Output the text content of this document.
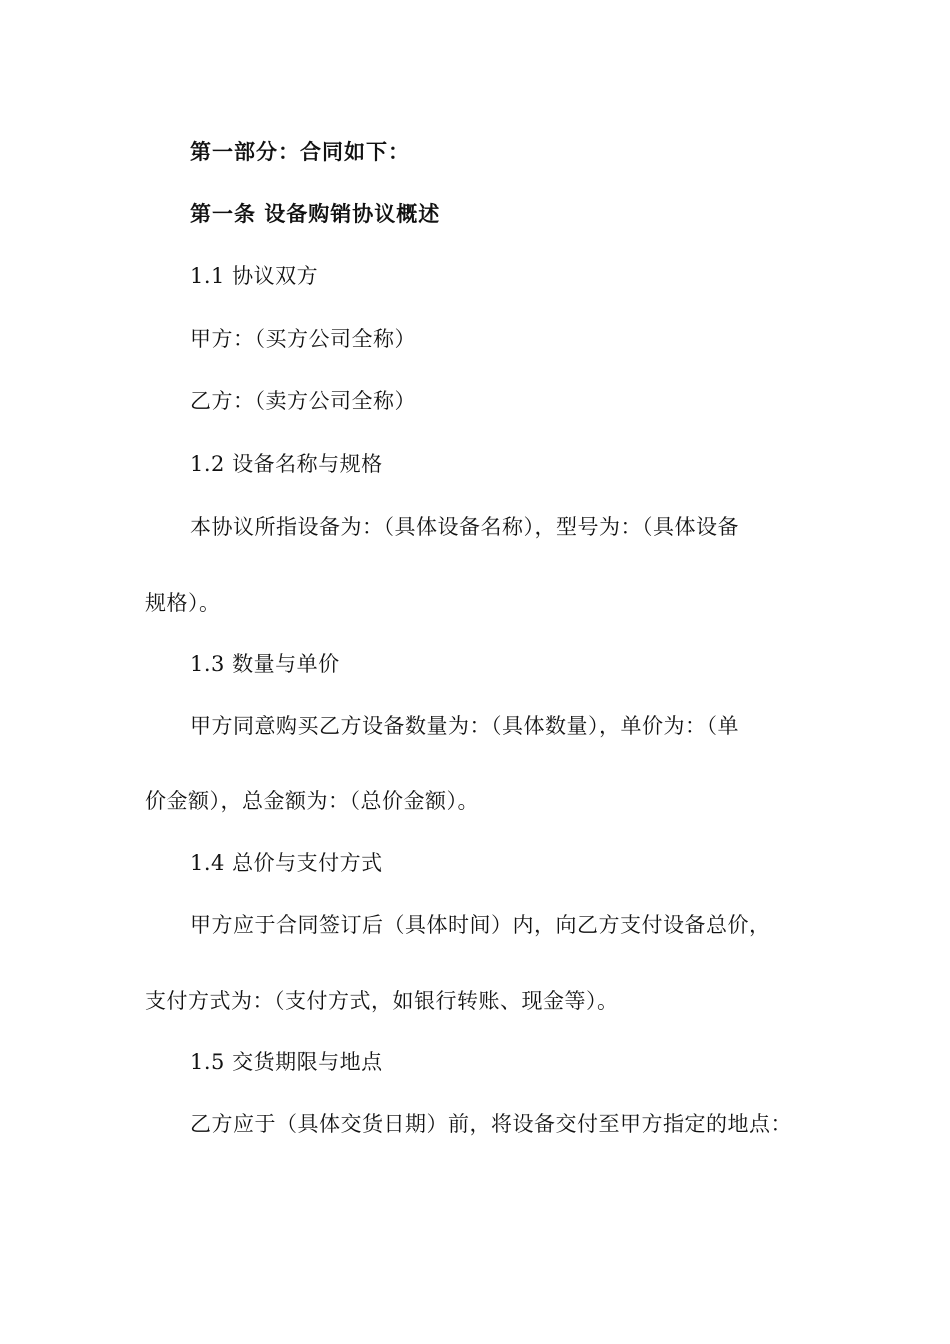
第一部分：合同如下：
第一条 设备购销协议概述
1.1 协议双方
甲方：（买方公司全称）
乙方：（卖方公司全称）
1.2 设备名称与规格
本协议所指设备为：（具体设备名称），型号为：（具体设备
规格）。
1.3 数量与单价
甲方同意购买乙方设备数量为：（具体数量），单价为：（单
价金额），总金额为：（总价金额）。
1.4 总价与支付方式
甲方应于合同签订后（具体时间）内，向乙方支付设备总价，
支付方式为：（支付方式，如银行转账、现金等）。
1.5 交货期限与地点
乙方应于（具体交货日期）前，将设备交付至甲方指定的地点：
